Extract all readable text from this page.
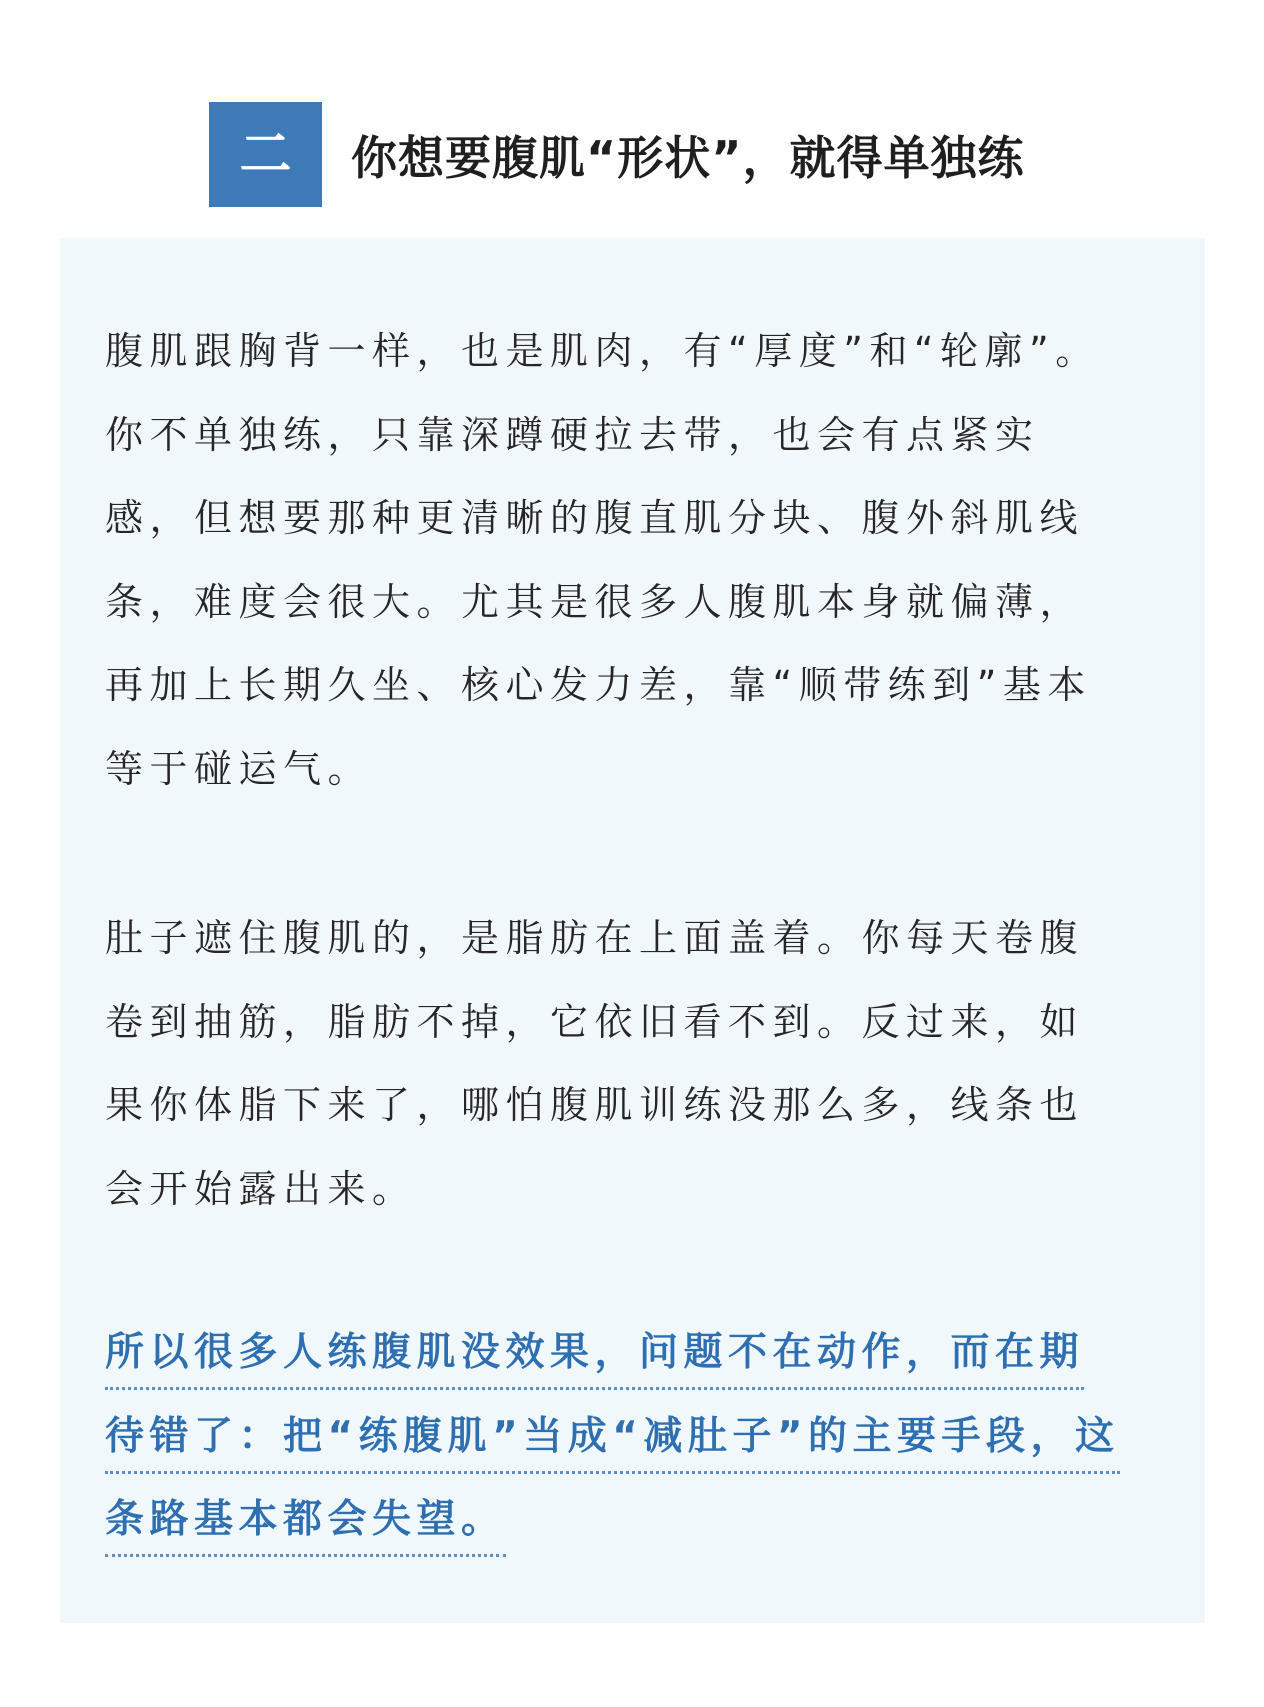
二 你想要腹肌“形状”，就得单独练

腹肌跟胸背一样，也是肌肉，有“厚度”和“轮廓”。
你不单独练，只靠深蹲硬拉去带，也会有点紧实
感，但想要那种更清晰的腹直肌分块、腹外斜肌线
条，难度会很大。尤其是很多人腹肌本身就偏薄，
再加上长期久坐、核心发力差，靠“顺带练到”基本
等于碰运气。

肚子遮住腹肌的，是脂肪在上面盖着。你每天卷腹
卷到抽筋，脂肪不掉，它依旧看不到。反过来，如
果你体脂下来了，哪怕腹肌训练没那么多，线条也
会开始露出来。

所以很多人练腹肌没效果，问题不在动作，而在期
待错了：把“练腹肌”当成“减肚子”的主要手段，这
条路基本都会失望。
